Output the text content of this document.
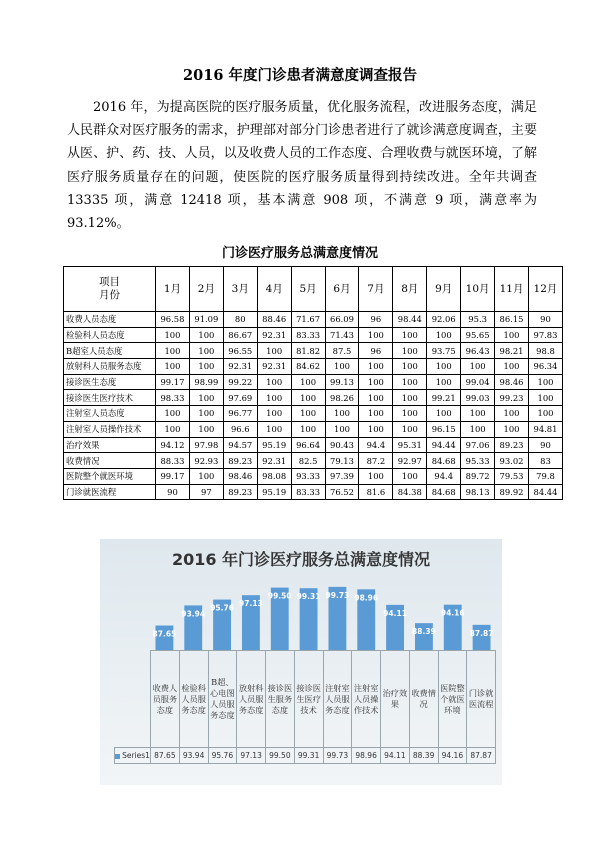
2016 年度门诊患者满意度调查报告

2016 年，为提高医院的医疗服务质量，优化服务流程，改进服务态度，满足人民群众对医疗服务的需求，护理部对部分门诊患者进行了就诊满意度调查，主要从医、护、药、技、人员，以及收费人员的工作态度、合理收费与就医环境，了解医疗服务质量存在的问题，使医院的医疗服务质量得到持续改进。全年共调查 13335 项，满意 12418 项，基本满意 908 项，不满意 9 项，满意率为 93.12%。

门诊医疗服务总满意度情况
项目
月份	1月	2月	3月	4月	5月	6月	7月	8月	9月	10月	11月	12月
收费人员态度	96.58	91.09	80	88.46	71.67	66.09	96	98.44	92.06	95.3	86.15	90
检验科人员态度	100	100	86.67	92.31	83.33	71.43	100	100	100	95.65	100	97.83
B超室人员态度	100	100	96.55	100	81.82	87.5	96	100	93.75	96.43	98.21	98.8
放射科人员服务态度	100	100	92.31	92.31	84.62	100	100	100	100	100	100	96.34
接诊医生态度	99.17	98.99	99.22	100	100	99.13	100	100	100	99.04	98.46	100
接诊医生医疗技术	98.33	100	97.69	100	100	98.26	100	100	99.21	99.03	99.23	100
注射室人员态度	100	100	96.77	100	100	100	100	100	100	100	100	100
注射室人员操作技术	100	100	96.6	100	100	100	100	100	96.15	100	100	94.81
治疗效果	94.12	97.98	94.57	95.19	96.64	90.43	94.4	95.31	94.44	97.06	89.23	90
收费情况	88.33	92.93	89.23	92.31	82.5	79.13	87.2	92.97	84.68	95.33	93.02	83
医院整个就医环境	99.17	100	98.46	98.08	93.33	97.39	100	100	94.4	89.72	79.53	79.8
门诊就医流程	90	97	89.23	95.19	83.33	76.52	81.6	84.38	84.68	98.13	89.92	84.44
2016 年门诊医疗服务总满意度情况
87.65
93.94
95.76 97.13
99.50 99.31 99.73 98.96
94.11
88.39
94.16
87.87
	收费人员服务态度	检验科人员服务态度	B超、心电图人员服务态度	放射科人员服务态度	接诊医生服务态度	接诊医生医疗技术	注射室人员服务态度	注射室人员操作技术	治疗效果	收费情况	医院整个就医环境	门诊就医流程
Series1	87.65	93.94	95.76	97.13	99.50	99.31	99.73	98.96	94.11	88.39	94.16	87.87
